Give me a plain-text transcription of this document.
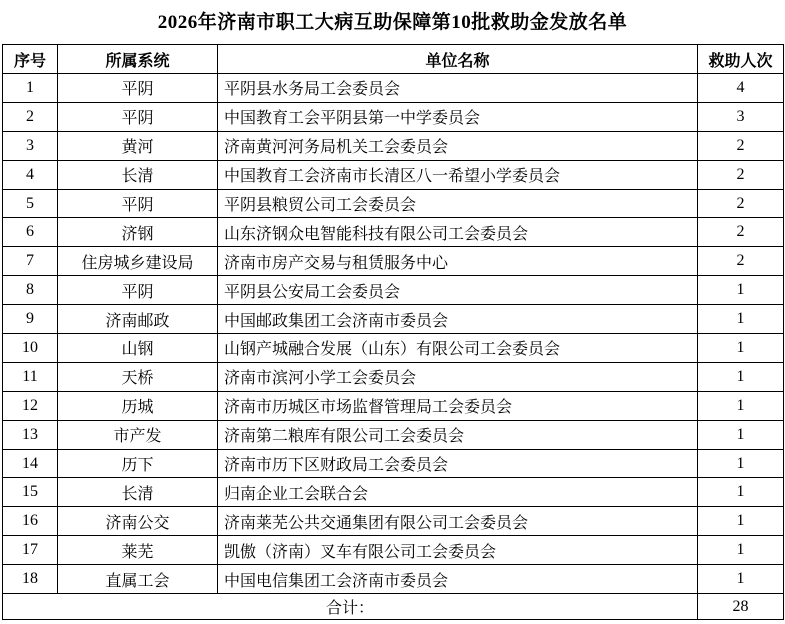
2026年济南市职工大病互助保障第10批救助金发放名单
序号	所属系统	单位名称	救助人次
1	平阴	平阴县水务局工会委员会	4
2	平阴	中国教育工会平阴县第一中学委员会	3
3	黄河	济南黄河河务局机关工会委员会	2
4	长清	中国教育工会济南市长清区八一希望小学委员会	2
5	平阴	平阴县粮贸公司工会委员会	2
6	济钢	山东济钢众电智能科技有限公司工会委员会	2
7	住房城乡建设局	济南市房产交易与租赁服务中心	2
8	平阴	平阴县公安局工会委员会	1
9	济南邮政	中国邮政集团工会济南市委员会	1
10	山钢	山钢产城融合发展（山东）有限公司工会委员会	1
11	天桥	济南市滨河小学工会委员会	1
12	历城	济南市历城区市场监督管理局工会委员会	1
13	市产发	济南第二粮库有限公司工会委员会	1
14	历下	济南市历下区财政局工会委员会	1
15	长清	归南企业工会联合会	1
16	济南公交	济南莱芜公共交通集团有限公司工会委员会	1
17	莱芜	凯傲（济南）叉车有限公司工会委员会	1
18	直属工会	中国电信集团工会济南市委员会	1
合计：			28
